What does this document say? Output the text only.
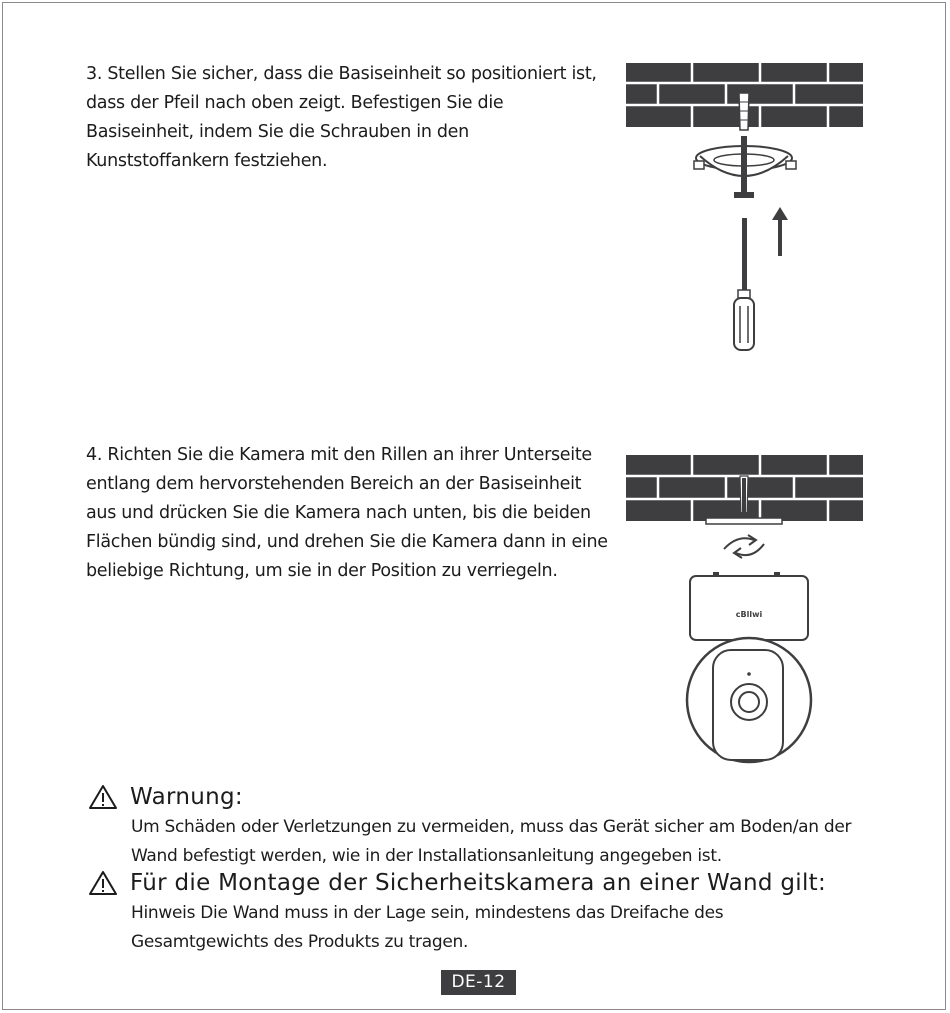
3. Stellen Sie sicher, dass die Basiseinheit so positioniert ist, dass der Pfeil nach oben zeigt. Befestigen Sie die Basiseinheit, indem Sie die Schrauben in den Kunststoffankern festziehen.

4. Richten Sie die Kamera mit den Rillen an ihrer Unterseite entlang dem hervorstehenden Bereich an der Basiseinheit aus und drücken Sie die Kamera nach unten, bis die beiden Flächen bündig sind, und drehen Sie die Kamera dann in eine beliebige Richtung, um sie in der Position zu verriegeln.

cBllwi
Warnung:

Um Schäden oder Verletzungen zu vermeiden, muss das Gerät sicher am Boden/an der Wand befestigt werden, wie in der Installationsanleitung angegeben ist.

Für die Montage der Sicherheitskamera an einer Wand gilt:

Hinweis Die Wand muss in der Lage sein, mindestens das Dreifache des Gesamtgewichts des Produkts zu tragen.

DE-12
